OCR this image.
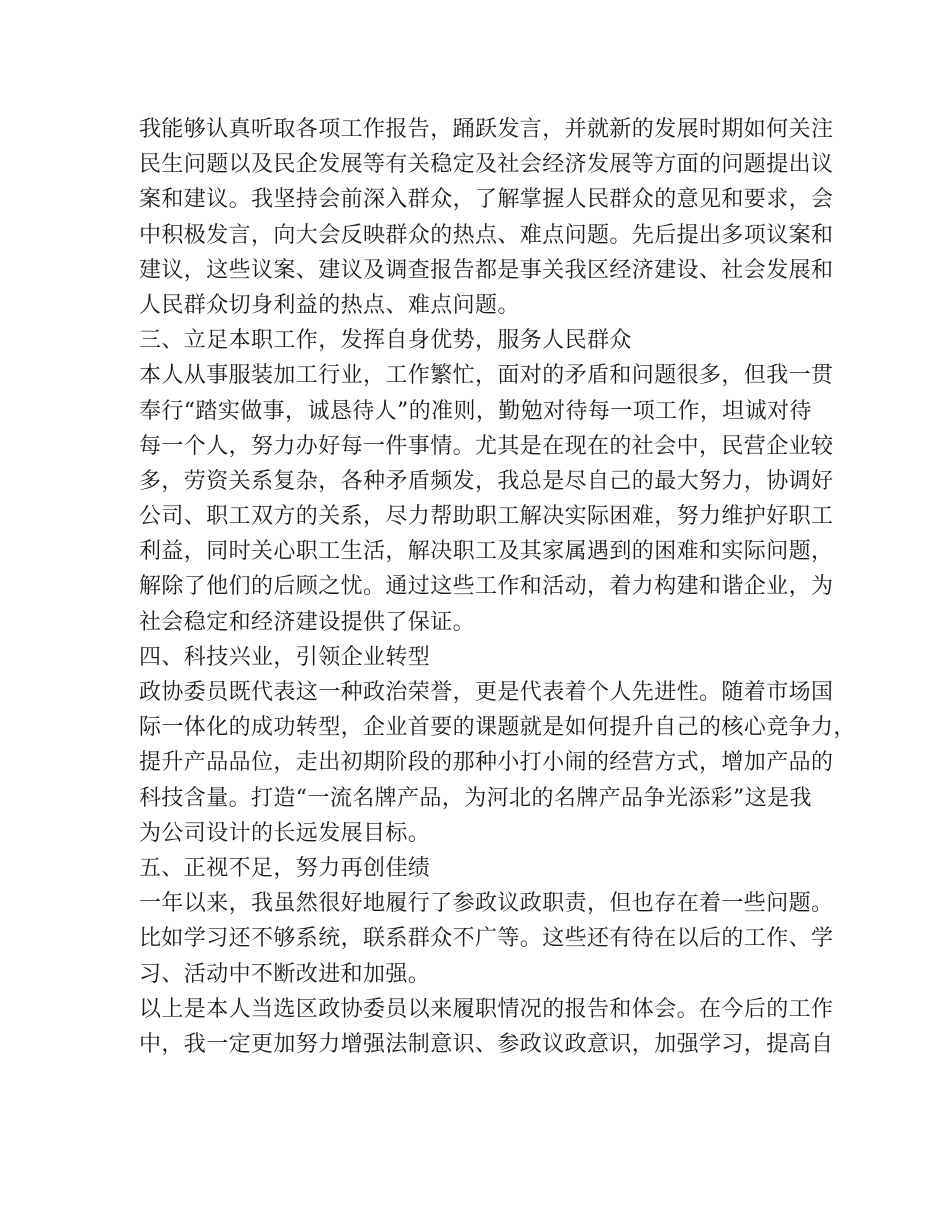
我能够认真听取各项工作报告，踊跃发言，并就新的发展时期如何关注
民生问题以及民企发展等有关稳定及社会经济发展等方面的问题提出议
案和建议。我坚持会前深入群众，了解掌握人民群众的意见和要求，会
中积极发言，向大会反映群众的热点、难点问题。先后提出多项议案和
建议，这些议案、建议及调查报告都是事关我区经济建设、社会发展和
人民群众切身利益的热点、难点问题。
三、立足本职工作，发挥自身优势，服务人民群众
本人从事服装加工行业，工作繁忙，面对的矛盾和问题很多，但我一贯
奉行“踏实做事，诚恳待人”的准则，勤勉对待每一项工作，坦诚对待
每一个人，努力办好每一件事情。尤其是在现在的社会中，民营企业较
多，劳资关系复杂，各种矛盾频发，我总是尽自己的最大努力，协调好
公司、职工双方的关系，尽力帮助职工解决实际困难，努力维护好职工
利益，同时关心职工生活，解决职工及其家属遇到的困难和实际问题，
解除了他们的后顾之忧。通过这些工作和活动，着力构建和谐企业，为
社会稳定和经济建设提供了保证。
四、科技兴业，引领企业转型
政协委员既代表这一种政治荣誉，更是代表着个人先进性。随着市场国
际一体化的成功转型，企业首要的课题就是如何提升自己的核心竞争力，
提升产品品位，走出初期阶段的那种小打小闹的经营方式，增加产品的
科技含量。打造“一流名牌产品，为河北的名牌产品争光添彩”这是我
为公司设计的长远发展目标。
五、正视不足，努力再创佳绩
一年以来，我虽然很好地履行了参政议政职责，但也存在着一些问题。
比如学习还不够系统，联系群众不广等。这些还有待在以后的工作、学
习、活动中不断改进和加强。
以上是本人当选区政协委员以来履职情况的报告和体会。在今后的工作
中，我一定更加努力增强法制意识、参政议政意识，加强学习，提高自
